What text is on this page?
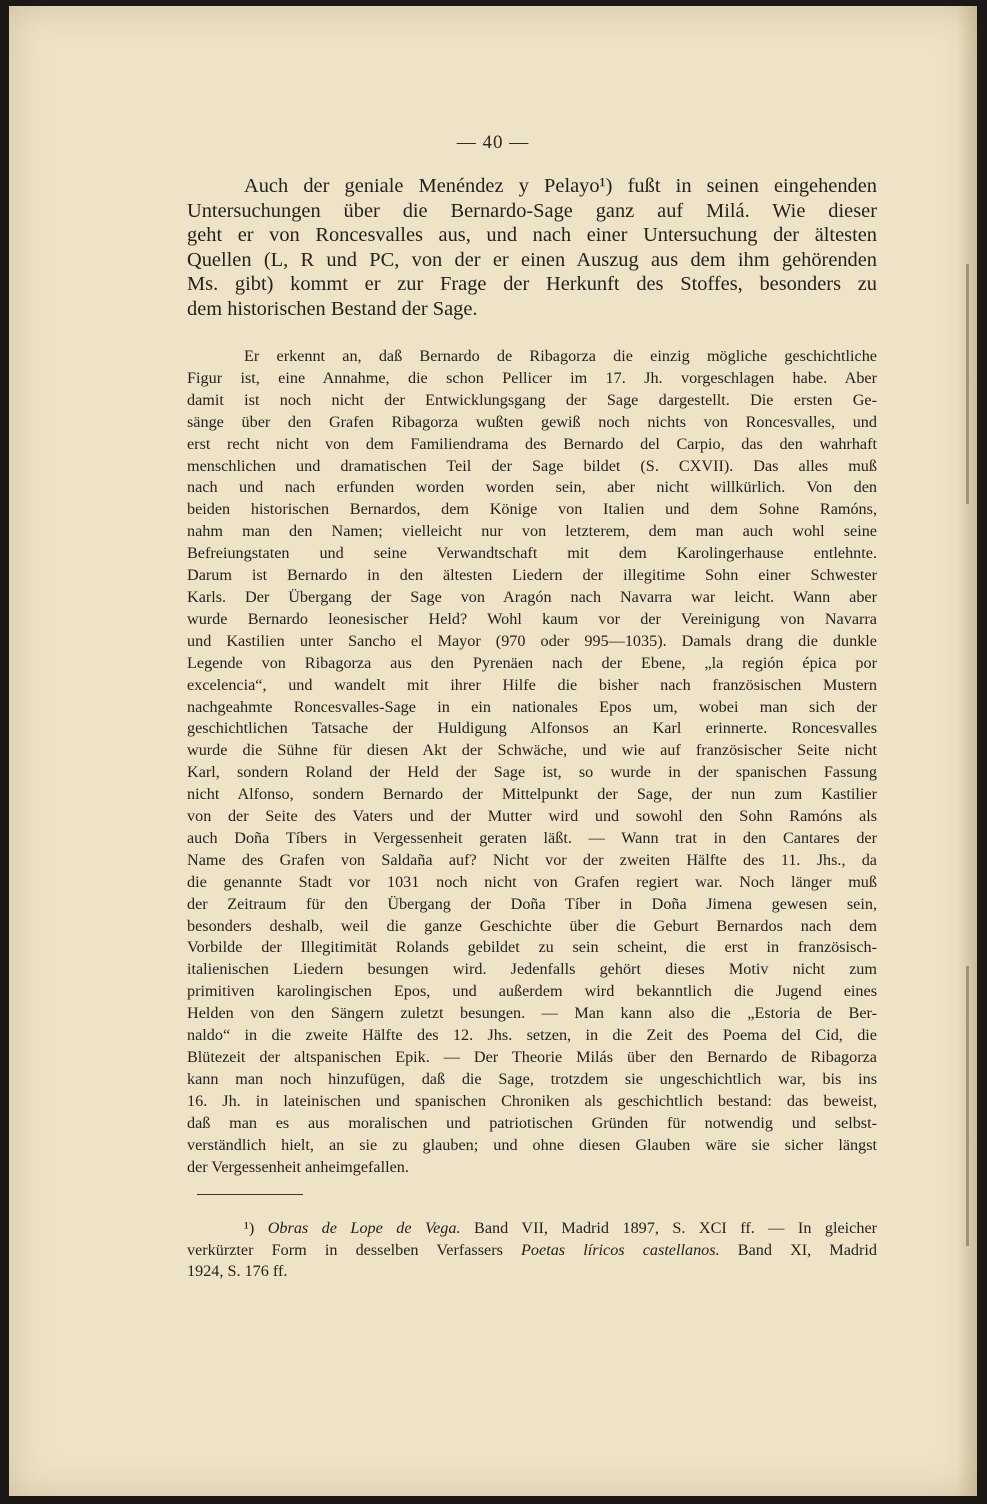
— 40 —
Auch der geniale Menéndez y Pelayo¹) fußt in seinen eingehenden
Untersuchungen über die Bernardo-Sage ganz auf Milá. Wie dieser
geht er von Roncesvalles aus, und nach einer Untersuchung der ältesten
Quellen (L, R und PC, von der er einen Auszug aus dem ihm gehörenden
Ms. gibt) kommt er zur Frage der Herkunft des Stoffes, besonders zu
dem historischen Bestand der Sage.
Er erkennt an, daß Bernardo de Ribagorza die einzig mögliche geschichtliche
Figur ist, eine Annahme, die schon Pellicer im 17. Jh. vorgeschlagen habe. Aber
damit ist noch nicht der Entwicklungsgang der Sage dargestellt. Die ersten Ge-
sänge über den Grafen Ribagorza wußten gewiß noch nichts von Roncesvalles, und
erst recht nicht von dem Familiendrama des Bernardo del Carpio, das den wahrhaft
menschlichen und dramatischen Teil der Sage bildet (S. CXVII). Das alles muß
nach und nach erfunden worden worden sein, aber nicht willkürlich. Von den
beiden historischen Bernardos, dem Könige von Italien und dem Sohne Ramóns,
nahm man den Namen; vielleicht nur von letzterem, dem man auch wohl seine
Befreiungstaten und seine Verwandtschaft mit dem Karolingerhause entlehnte.
Darum ist Bernardo in den ältesten Liedern der illegitime Sohn einer Schwester
Karls. Der Übergang der Sage von Aragón nach Navarra war leicht. Wann aber
wurde Bernardo leonesischer Held? Wohl kaum vor der Vereinigung von Navarra
und Kastilien unter Sancho el Mayor (970 oder 995—1035). Damals drang die dunkle
Legende von Ribagorza aus den Pyrenäen nach der Ebene, „la región épica por
excelencia“, und wandelt mit ihrer Hilfe die bisher nach französischen Mustern
nachgeahmte Roncesvalles-Sage in ein nationales Epos um, wobei man sich der
geschichtlichen Tatsache der Huldigung Alfonsos an Karl erinnerte. Roncesvalles
wurde die Sühne für diesen Akt der Schwäche, und wie auf französischer Seite nicht
Karl, sondern Roland der Held der Sage ist, so wurde in der spanischen Fassung
nicht Alfonso, sondern Bernardo der Mittelpunkt der Sage, der nun zum Kastilier
von der Seite des Vaters und der Mutter wird und sowohl den Sohn Ramóns als
auch Doña Tíbers in Vergessenheit geraten läßt. — Wann trat in den Cantares der
Name des Grafen von Saldaña auf? Nicht vor der zweiten Hälfte des 11. Jhs., da
die genannte Stadt vor 1031 noch nicht von Grafen regiert war. Noch länger muß
der Zeitraum für den Übergang der Doña Tíber in Doña Jimena gewesen sein,
besonders deshalb, weil die ganze Geschichte über die Geburt Bernardos nach dem
Vorbilde der Illegitimität Rolands gebildet zu sein scheint, die erst in französisch-
italienischen Liedern besungen wird. Jedenfalls gehört dieses Motiv nicht zum
primitiven karolingischen Epos, und außerdem wird bekanntlich die Jugend eines
Helden von den Sängern zuletzt besungen. — Man kann also die „Estoria de Ber-
naldo“ in die zweite Hälfte des 12. Jhs. setzen, in die Zeit des Poema del Cid, die
Blütezeit der altspanischen Epik. — Der Theorie Milás über den Bernardo de Ribagorza
kann man noch hinzufügen, daß die Sage, trotzdem sie ungeschichtlich war, bis ins
16. Jh. in lateinischen und spanischen Chroniken als geschichtlich bestand: das beweist,
daß man es aus moralischen und patriotischen Gründen für notwendig und selbst-
verständlich hielt, an sie zu glauben; und ohne diesen Glauben wäre sie sicher längst
der Vergessenheit anheimgefallen.
¹) Obras de Lope de Vega. Band VII, Madrid 1897, S. XCI ff. — In gleicher
verkürzter Form in desselben Verfassers Poetas líricos castellanos. Band XI, Madrid
1924, S. 176 ff.
